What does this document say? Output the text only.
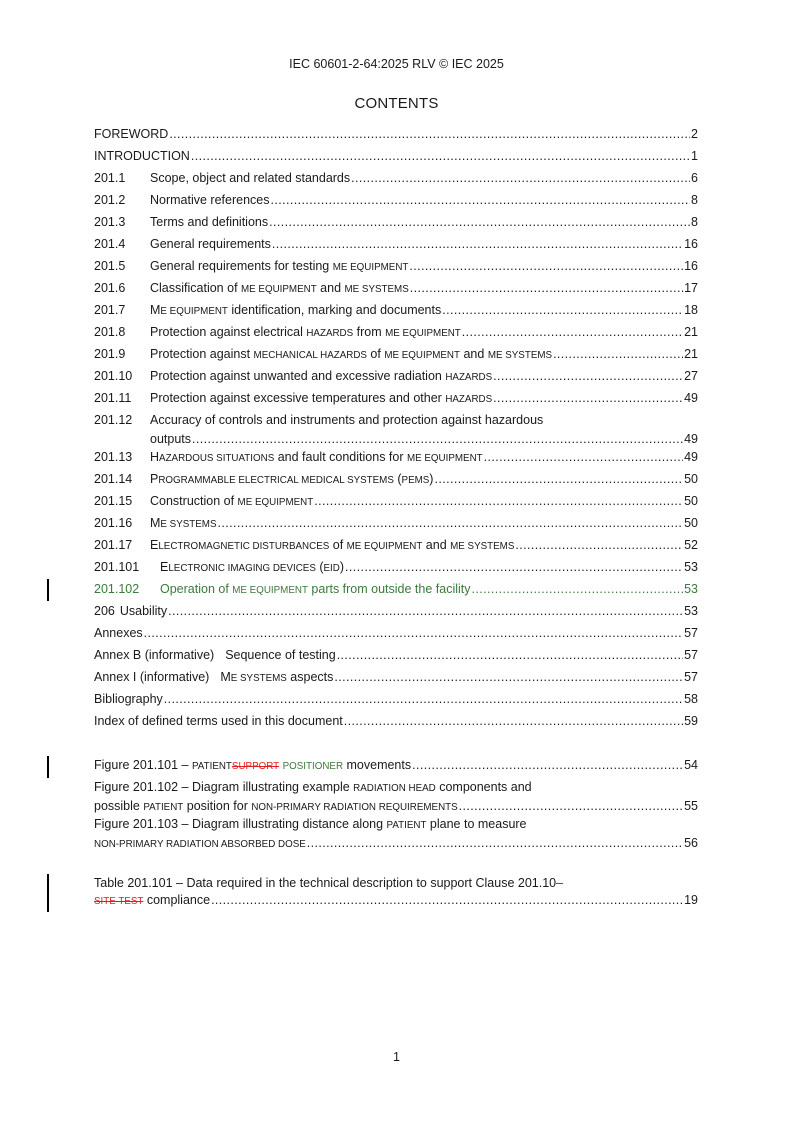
IEC 60601-2-64:2025 RLV © IEC 2025
CONTENTS
FOREWORD .....	2
INTRODUCTION .....	1
201.1	Scope, object and related standards .....	6
201.2	Normative references .....	8
201.3	Terms and definitions .....	8
201.4	General requirements .....	16
201.5	General requirements for testing ME EQUIPMENT .....	16
201.6	Classification of ME EQUIPMENT and ME SYSTEMS .....	17
201.7	ME EQUIPMENT identification, marking and documents .....	18
201.8	Protection against electrical HAZARDS from ME EQUIPMENT .....	21
201.9	Protection against MECHANICAL HAZARDS of ME EQUIPMENT and ME SYSTEMS .....	21
201.10	Protection against unwanted and excessive radiation HAZARDS .....	27
201.11	Protection against excessive temperatures and other HAZARDS .....	49
201.12	Accuracy of controls and instruments and protection against hazardous
outputs .....	49
201.13	HAZARDOUS SITUATIONS and fault conditions for ME EQUIPMENT .....	49
201.14	PROGRAMMABLE ELECTRICAL MEDICAL SYSTEMS (PEMS) .....	50
201.15	Construction of ME EQUIPMENT .....	50
201.16	ME SYSTEMS .....	50
201.17	ELECTROMAGNETIC DISTURBANCES of ME EQUIPMENT and ME SYSTEMS .....	52
201.101	ELECTRONIC IMAGING DEVICES (EID) .....	53
201.102	Operation of ME EQUIPMENT parts from outside the facility .....	53
206 Usability .....	53
Annexes .....	57
Annex B (informative) Sequence of testing .....	57
Annex I (informative) ME SYSTEMS aspects .....	57
Bibliography .....	58
Index of defined terms used in this document .....	59
Figure 201.101 – PATIENTSUPPORT POSITIONER movements .....	54
Figure 201.102 – Diagram illustrating example RADIATION HEAD components and
possible PATIENT position for NON-PRIMARY RADIATION REQUIREMENTS .....	55
Figure 201.103 – Diagram illustrating distance along PATIENT plane to measure
NON-PRIMARY RADIATION ABSORBED DOSE .....	56
Table 201.101 – Data required in the technical description to support Clause 201.10–
SITE TEST compliance .....	19
1
